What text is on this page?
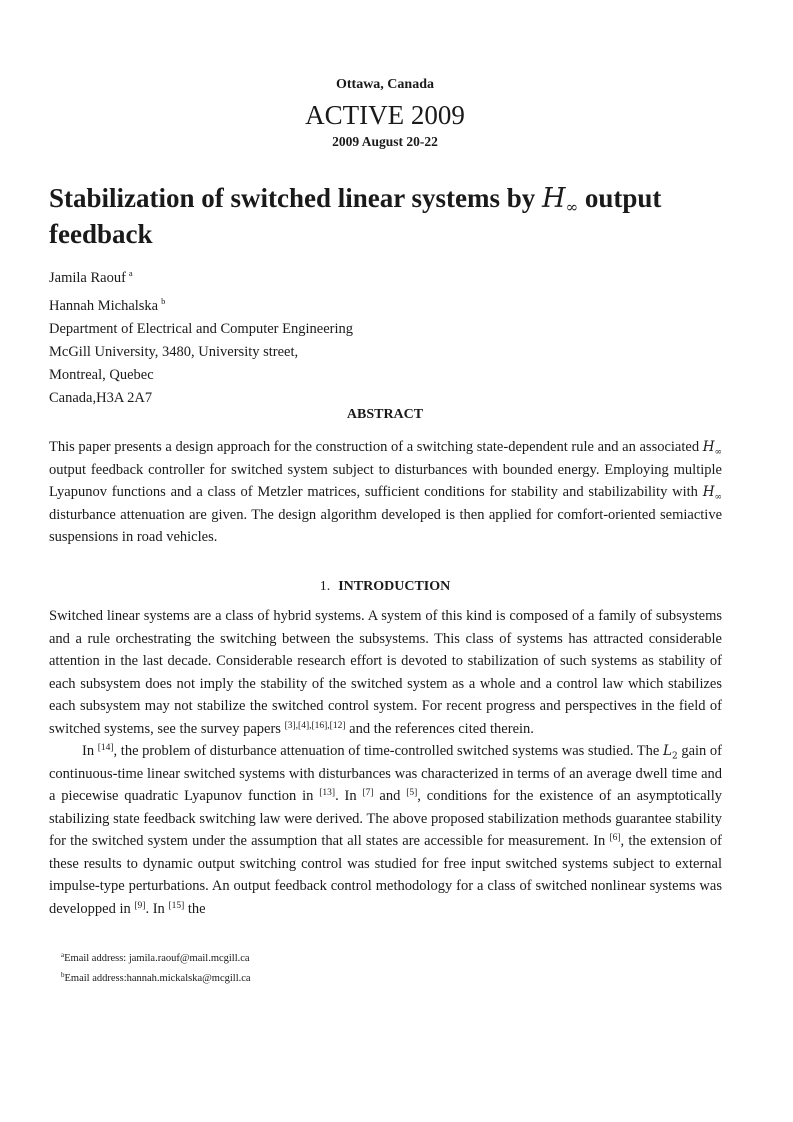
Ottawa, Canada
ACTIVE 2009
2009 August 20-22
Stabilization of switched linear systems by $H_\infty$ output feedback
Jamila Raouf $^a$
Hannah Michalska $^b$
Department of Electrical and Computer Engineering
McGill University, 3480, University street,
Montreal, Quebec
Canada,H3A 2A7
ABSTRACT

This paper presents a design approach for the construction of a switching state-dependent rule and an associated $H_\infty$ output feedback controller for switched system subject to disturbances with bounded energy. Employing multiple Lyapunov functions and a class of Metzler matrices, sufficient conditions for stability and stabilizability with $H_\infty$ disturbance attenuation are given. The design algorithm developed is then applied for comfort-oriented semiactive suspensions in road vehicles.

1. INTRODUCTION

Switched linear systems are a class of hybrid systems. A system of this kind is composed of a family of subsystems and a rule orchestrating the switching between the subsystems. This class of systems has attracted considerable attention in the last decade. Considerable research effort is devoted to stabilization of such systems as stability of each subsystem does not imply the stability of the switched system as a whole and a control law which stabilizes each subsystem may not stabilize the switched control system. For recent progress and perspectives in the field of switched systems, see the survey papers [3],[4],[16],[12] and the references cited therein.

In [14], the problem of disturbance attenuation of time-controlled switched systems was studied. The $L_2$ gain of continuous-time linear switched systems with disturbances was characterized in terms of an average dwell time and a piecewise quadratic Lyapunov function in [13]. In [7] and [5], conditions for the existence of an asymptotically stabilizing state feedback switching law were derived. The above proposed stabilization methods guarantee stability for the switched system under the assumption that all states are accessible for measurement. In [6], the extension of these results to dynamic output switching control was studied for free input switched systems subject to external impulse-type perturbations. An output feedback control methodology for a class of switched nonlinear systems was developped in [9]. In [15] the

$^a$Email address: jamila.raouf@mail.mcgill.ca
$^b$Email address:hannah.mickalska@mcgill.ca
